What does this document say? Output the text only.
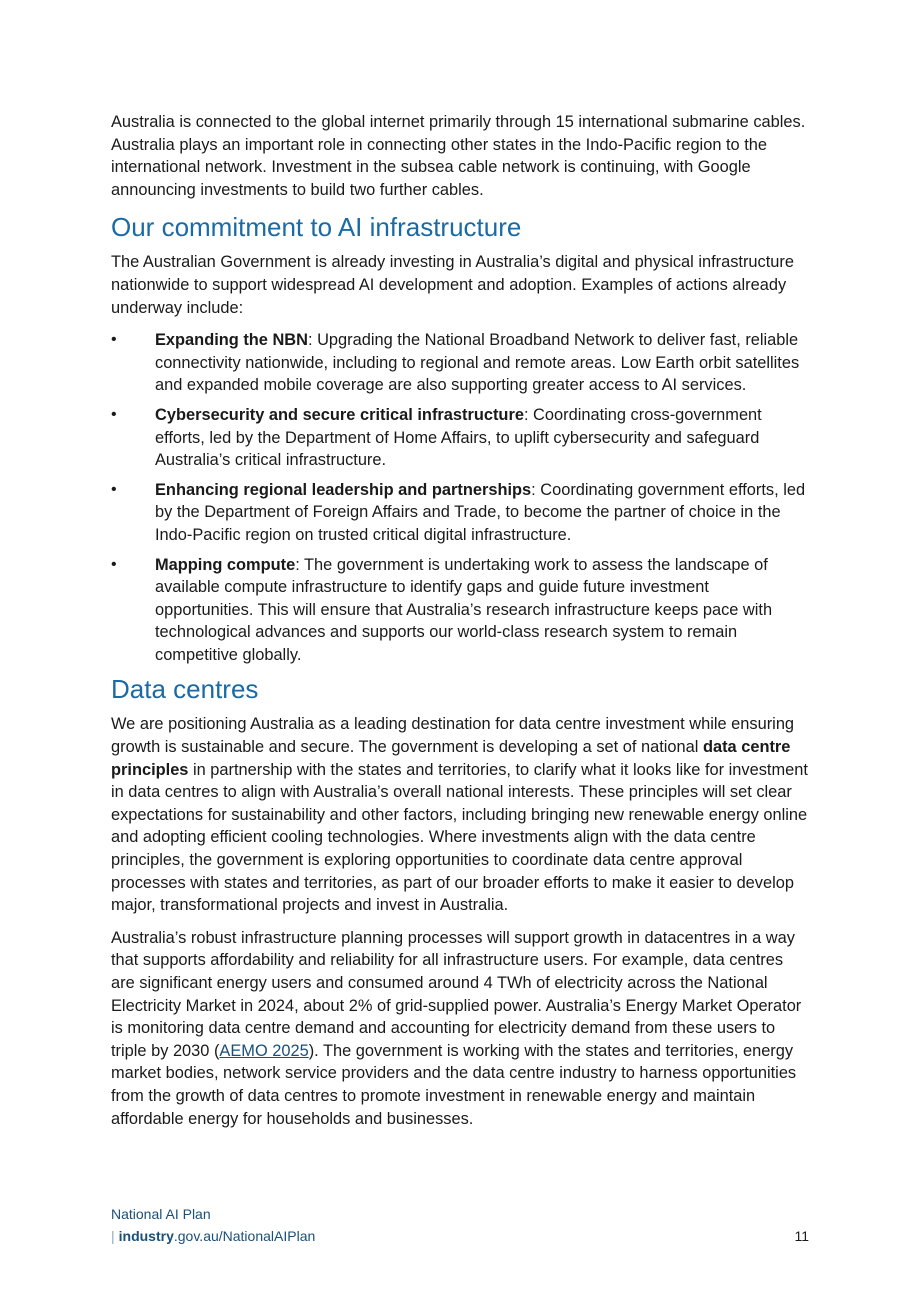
Australia is connected to the global internet primarily through 15 international submarine cables. Australia plays an important role in connecting other states in the Indo-Pacific region to the international network. Investment in the subsea cable network is continuing, with Google announcing investments to build two further cables.

Our commitment to AI infrastructure

The Australian Government is already investing in Australia’s digital and physical infrastructure nationwide to support widespread AI development and adoption. Examples of actions already underway include:

• Expanding the NBN: Upgrading the National Broadband Network to deliver fast, reliable connectivity nationwide, including to regional and remote areas. Low Earth orbit satellites and expanded mobile coverage are also supporting greater access to AI services.
• Cybersecurity and secure critical infrastructure: Coordinating cross-government efforts, led by the Department of Home Affairs, to uplift cybersecurity and safeguard Australia’s critical infrastructure.
• Enhancing regional leadership and partnerships: Coordinating government efforts, led by the Department of Foreign Affairs and Trade, to become the partner of choice in the Indo-Pacific region on trusted critical digital infrastructure.
• Mapping compute: The government is undertaking work to assess the landscape of available compute infrastructure to identify gaps and guide future investment opportunities. This will ensure that Australia’s research infrastructure keeps pace with technological advances and supports our world-class research system to remain competitive globally.
Data centres

We are positioning Australia as a leading destination for data centre investment while ensuring growth is sustainable and secure. The government is developing a set of national data centre principles in partnership with the states and territories, to clarify what it looks like for investment in data centres to align with Australia’s overall national interests. These principles will set clear expectations for sustainability and other factors, including bringing new renewable energy online and adopting efficient cooling technologies. Where investments align with the data centre principles, the government is exploring opportunities to coordinate data centre approval processes with states and territories, as part of our broader efforts to make it easier to develop major, transformational projects and invest in Australia.

Australia’s robust infrastructure planning processes will support growth in datacentres in a way that supports affordability and reliability for all infrastructure users. For example, data centres are significant energy users and consumed around 4 TWh of electricity across the National Electricity Market in 2024, about 2% of grid-supplied power. Australia’s Energy Market Operator is monitoring data centre demand and accounting for electricity demand from these users to triple by 2030 (AEMO 2025). The government is working with the states and territories, energy market bodies, network service providers and the data centre industry to harness opportunities from the growth of data centres to promote investment in renewable energy and maintain affordable energy for households and businesses.

National AI Plan
| industry.gov.au/NationalAIPlan	11
